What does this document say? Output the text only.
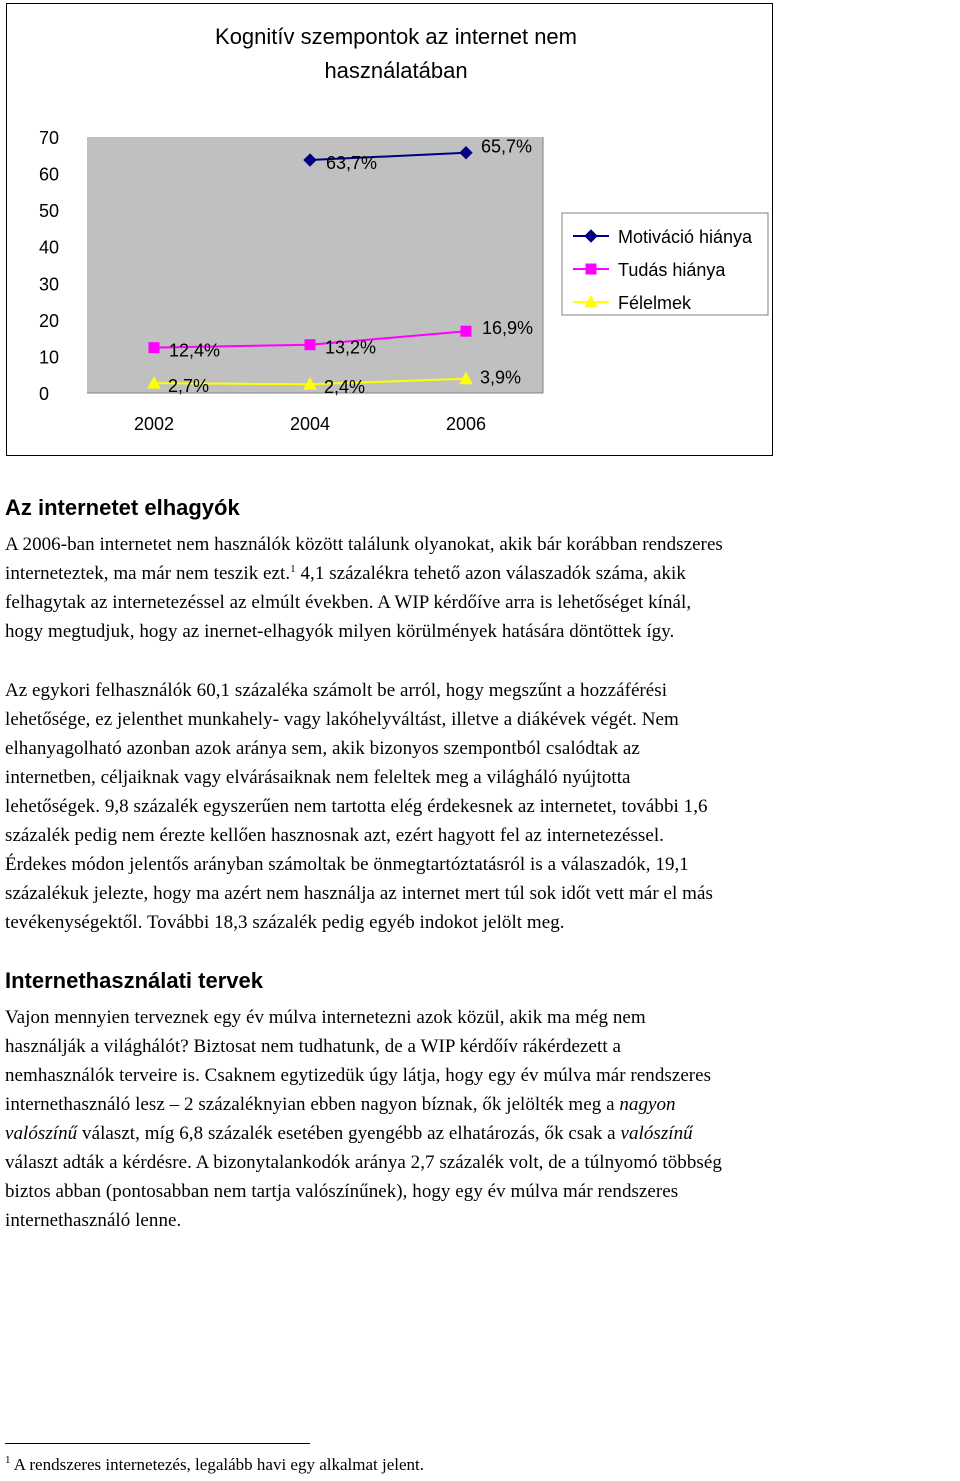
Kognitív szempontok az internet nem
használatában
0
10
20
30
40
50
60
70
2002	2004	2006
63,7%
65,7%
12,4%	13,2%
16,9%
2,7%	2,4%	3,9%
Motiváció hiánya
Tudás hiánya
Félelmek
Az internetet elhagyók
A 2006-ban internetet nem használók között találunk olyanokat, akik bár korábban rendszeres
interneteztek, ma már nem teszik ezt.$^1$ 4,1 százalékra tehető azon válaszadók száma, akik
felhagytak az internetezéssel az elmúlt években. A WIP kérdőíve arra is lehetőséget kínál,
hogy megtudjuk, hogy az inernet-elhagyók milyen körülmények hatására döntöttek így.
Az egykori felhasználók 60,1 százaléka számolt be arról, hogy megszűnt a hozzáférési
lehetősége, ez jelenthet munkahely- vagy lakóhelyváltást, illetve a diákévek végét. Nem
elhanyagolható azonban azok aránya sem, akik bizonyos szempontból csalódtak az
internetben, céljaiknak vagy elvárásaiknak nem feleltek meg a világháló nyújtotta
lehetőségek. 9,8 százalék egyszerűen nem tartotta elég érdekesnek az internetet, további 1,6
százalék pedig nem érezte kellően hasznosnak azt, ezért hagyott fel az internetezéssel.
Érdekes módon jelentős arányban számoltak be önmegtartóztatásról is a válaszadók, 19,1
százalékuk jelezte, hogy ma azért nem használja az internet mert túl sok időt vett már el más
tevékenységektől. További 18,3 százalék pedig egyéb indokot jelölt meg.
Internethasználati tervek
Vajon mennyien terveznek egy év múlva internetezni azok közül, akik ma még nem
használják a világhálót? Biztosat nem tudhatunk, de a WIP kérdőív rákérdezett a
nemhasználók terveire is. Csaknem egytizedük úgy látja, hogy egy év múlva már rendszeres
internethasználó lesz – 2 százaléknyian ebben nagyon bíznak, ők jelölték meg a nagyon
valószínű választ, míg 6,8 százalék esetében gyengébb az elhatározás, ők csak a valószínű
választ adták a kérdésre. A bizonytalankodók aránya 2,7 százalék volt, de a túlnyomó többség
biztos abban (pontosabban nem tartja valószínűnek), hogy egy év múlva már rendszeres
internethasználó lenne.

$^1$ A rendszeres internetezés, legalább havi egy alkalmat jelent.
